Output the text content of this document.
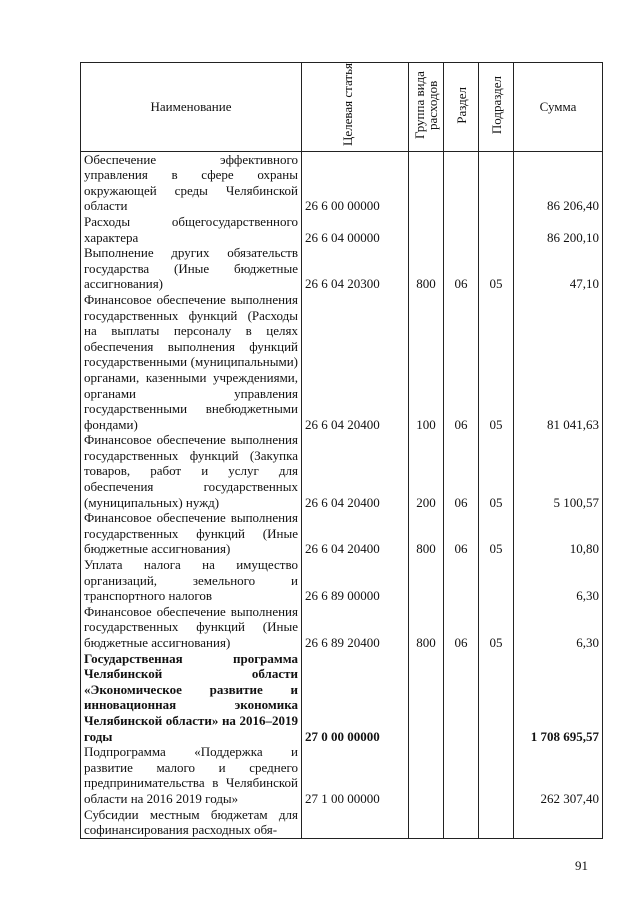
Наименование	Целевая статья	Группа вида расходов	Раздел	Подраздел	Сумма
Обеспечение эффективного управления в сфере охраны окружающей среды Челябинской области	26 6 00 00000				86 206,40
Расходы общегосударственного характера	26 6 04 00000				86 200,10
Выполнение других обязательств государства (Иные бюджетные ассигнования)	26 6 04 20300	800	06	05	47,10
Финансовое обеспечение выполнения государственных функций (Расходы на выплаты персоналу в целях обеспечения выполнения функций государственными (муниципальными) органами, казенными учреждениями, органами управления государственными внебюджетными фондами)	26 6 04 20400	100	06	05	81 041,63
Финансовое обеспечение выполнения государственных функций (Закупка товаров, работ и услуг для обеспечения государственных (муниципальных) нужд)	26 6 04 20400	200	06	05	5 100,57
Финансовое обеспечение выполнения государственных функций (Иные бюджетные ассигнования)	26 6 04 20400	800	06	05	10,80
Уплата налога на имущество организаций, земельного и транспортного налогов	26 6 89 00000				6,30
Финансовое обеспечение выполнения государственных функций (Иные бюджетные ассигнования)	26 6 89 20400	800	06	05	6,30
Государственная программа Челябинской области «Экономическое развитие и инновационная экономика Челябинской области» на 2016–2019 годы	27 0 00 00000				1 708 695,57
Подпрограмма «Поддержка и развитие малого и среднего предпринимательства в Челябинской области на 2016 2019 годы»	27 1 00 00000				262 307,40
Субсидии местным бюджетам для софинансирования расходных обя-					
91
